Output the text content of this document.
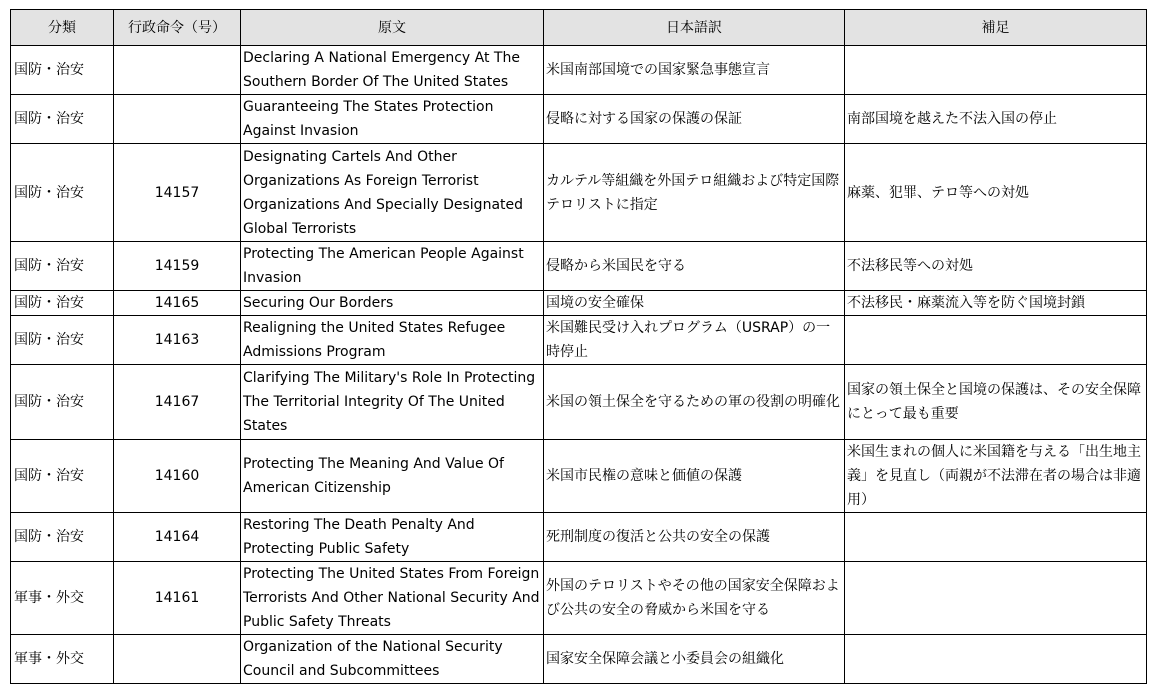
分類	行政命令（号）	原文	日本語訳	補足
国防・治安		Declaring A National Emergency At The Southern Border Of The United States	米国南部国境での国家緊急事態宣言	
国防・治安		Guaranteeing The States Protection Against Invasion	侵略に対する国家の保護の保証	南部国境を越えた不法入国の停止
国防・治安	14157	Designating Cartels And Other Organizations As Foreign Terrorist Organizations And Specially Designated Global Terrorists	カルテル等組織を外国テロ組織および特定国際テロリストに指定	麻薬、犯罪、テロ等への対処
国防・治安	14159	Protecting The American People Against Invasion	侵略から米国民を守る	不法移民等への対処
国防・治安	14165	Securing Our Borders	国境の安全確保	不法移民・麻薬流入等を防ぐ国境封鎖
国防・治安	14163	Realigning the United States Refugee Admissions Program	米国難民受け入れプログラム（USRAP）の一時停止	
国防・治安	14167	Clarifying The Military's Role In Protecting The Territorial Integrity Of The United States	米国の領土保全を守るための軍の役割の明確化	国家の領土保全と国境の保護は、その安全保障にとって最も重要
国防・治安	14160	Protecting The Meaning And Value Of American Citizenship	米国市民権の意味と価値の保護	米国生まれの個人に米国籍を与える「出生地主義」を見直し（両親が不法滞在者の場合は非適用）
国防・治安	14164	Restoring The Death Penalty And Protecting Public Safety	死刑制度の復活と公共の安全の保護	
軍事・外交	14161	Protecting The United States From Foreign Terrorists And Other National Security And Public Safety Threats	外国のテロリストやその他の国家安全保障および公共の安全の脅威から米国を守る	
軍事・外交		Organization of the National Security Council and Subcommittees	国家安全保障会議と小委員会の組織化	
